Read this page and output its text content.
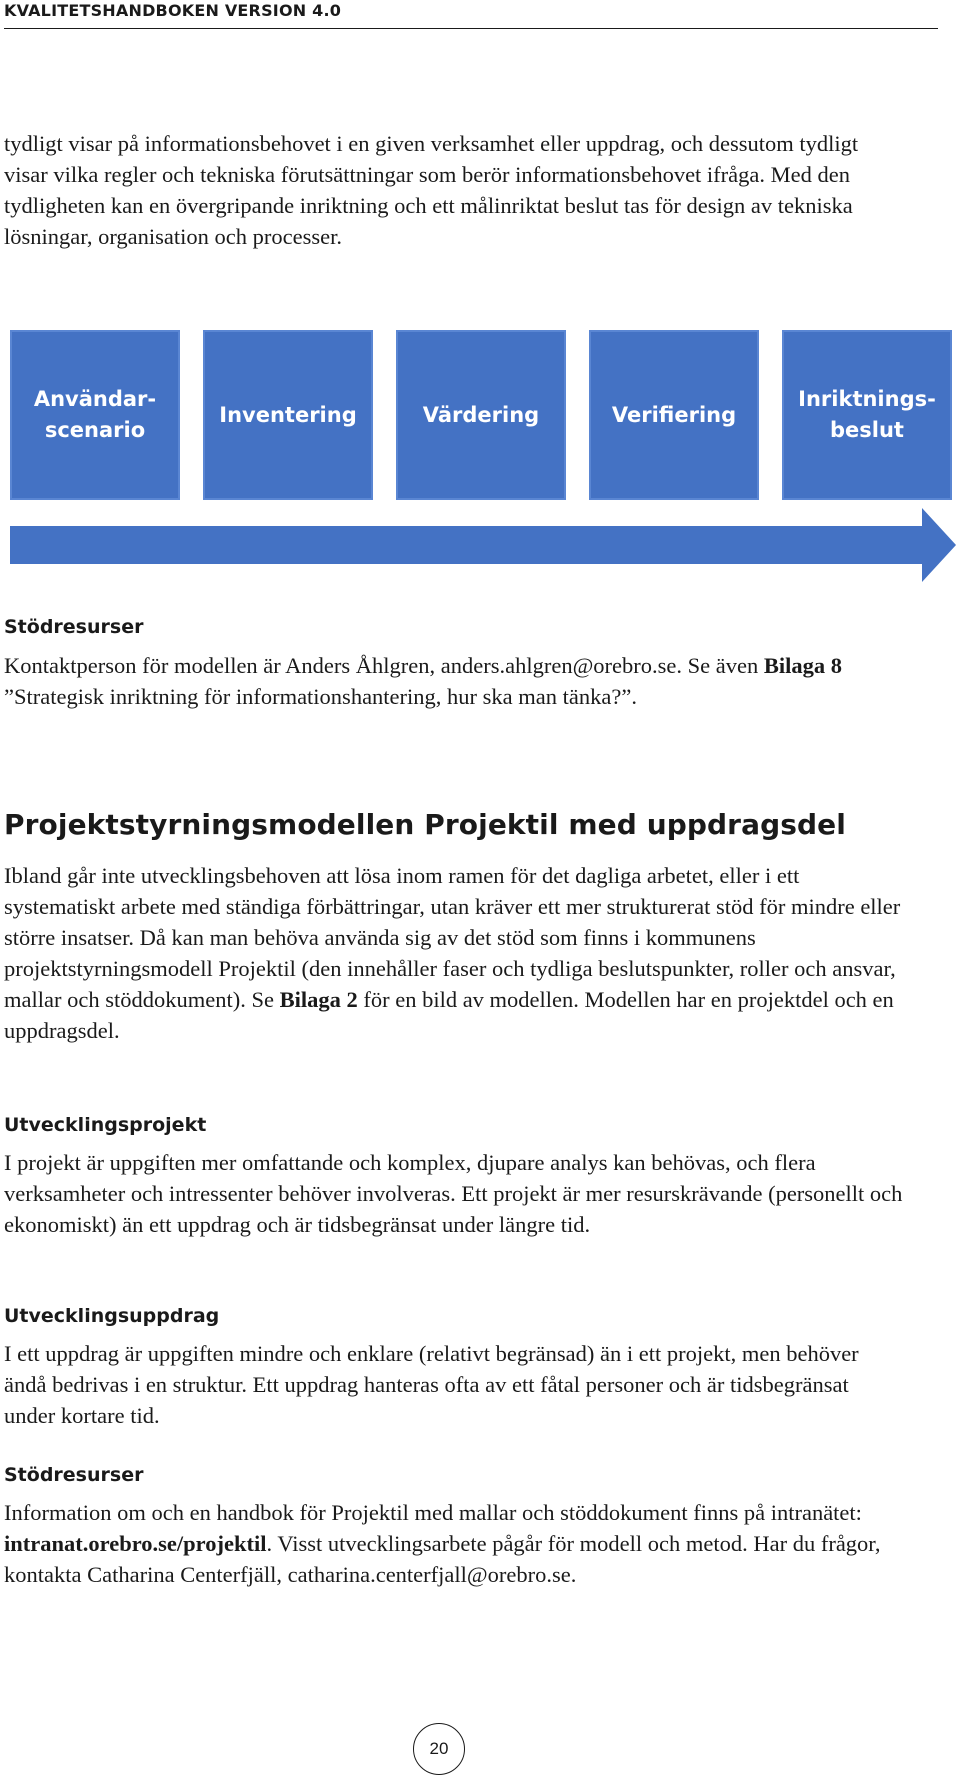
KVALITETSHANDBOKEN VERSION 4.0

tydligt visar på informationsbehovet i en given verksamhet eller uppdrag, och dessutom tydligt visar vilka regler och tekniska förutsättningar som berör informationsbehovet ifråga. Med den tydligheten kan en övergripande inriktning och ett målinriktat beslut tas för design av tekniska lösningar, organisation och processer.

Användar-
scenario
Inventering	Värdering	Verifiering
Inriktnings-
beslut
Stödresurser

Kontaktperson för modellen är Anders Åhlgren, anders.ahlgren@orebro.se. Se även Bilaga 8 ”Strategisk inriktning för informationshantering, hur ska man tänka?”.

Projektstyrningsmodellen Projektil med uppdragsdel

Ibland går inte utvecklingsbehoven att lösa inom ramen för det dagliga arbetet, eller i ett systematiskt arbete med ständiga förbättringar, utan kräver ett mer strukturerat stöd för mindre eller större insatser. Då kan man behöva använda sig av det stöd som finns i kommunens projektstyrningsmodell Projektil (den innehåller faser och tydliga beslutspunkter, roller och ansvar, mallar och stöddokument). Se Bilaga 2 för en bild av modellen. Modellen har en projektdel och en uppdragsdel.

Utvecklingsprojekt

I projekt är uppgiften mer omfattande och komplex, djupare analys kan behövas, och flera verksamheter och intressenter behöver involveras. Ett projekt är mer resurskrävande (personellt och ekonomiskt) än ett uppdrag och är tidsbegränsat under längre tid.

Utvecklingsuppdrag

I ett uppdrag är uppgiften mindre och enklare (relativt begränsad) än i ett projekt, men behöver ändå bedrivas i en struktur. Ett uppdrag hanteras ofta av ett fåtal personer och är tidsbegränsat under kortare tid.

Stödresurser

Information om och en handbok för Projektil med mallar och stöddokument finns på intranätet: intranat.orebro.se/projektil. Visst utvecklingsarbete pågår för modell och metod. Har du frågor, kontakta Catharina Centerfjäll, catharina.centerfjall@orebro.se.

20
